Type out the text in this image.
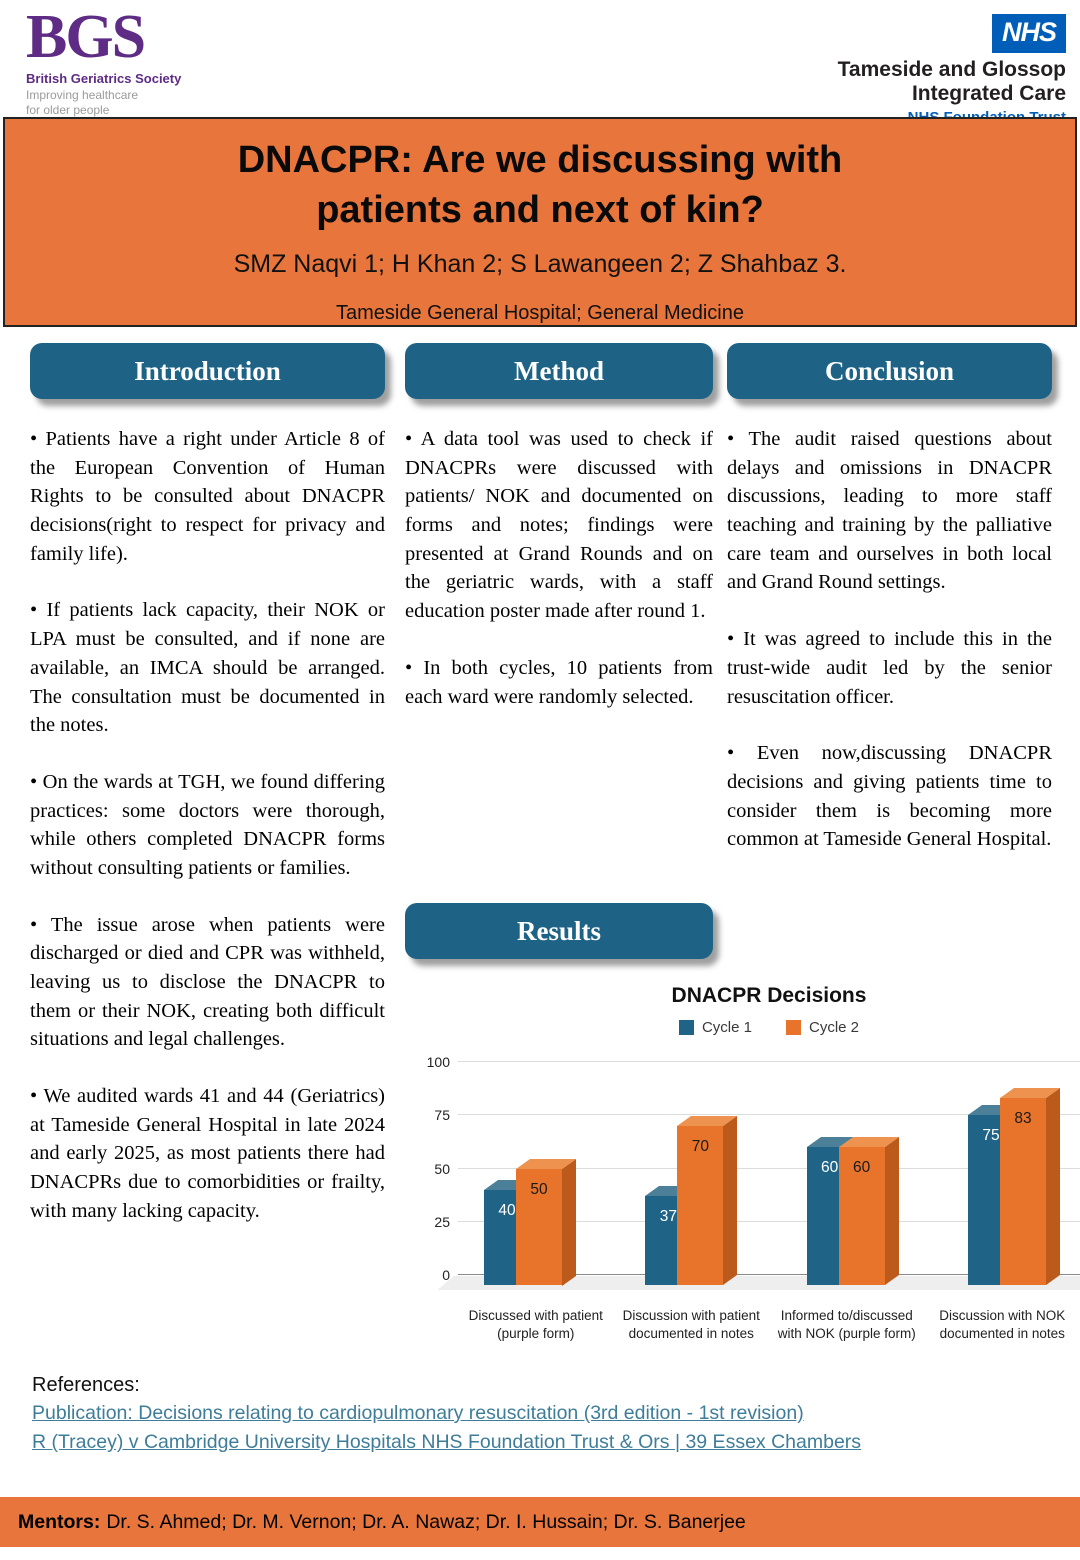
BGS
British Geriatrics Society
Improving healthcare
for older people
NHS
Tameside and Glossop
Integrated Care
DNACPR: Are we discussing with
patients and next of kin?
SMZ Naqvi 1; H Khan 2; S Lawangeen 2; Z Shahbaz 3.
Tameside General Hospital; General Medicine
Introduction

• Patients have a right under Article 8 of the European Convention of Human Rights to be consulted about DNACPR decisions(right to respect for privacy and family life).

• If patients lack capacity, their NOK or LPA must be consulted, and if none are available, an IMCA should be arranged. The consultation must be documented in the notes.

• On the wards at TGH, we found differing practices: some doctors were thorough, while others completed DNACPR forms without consulting patients or families.

• The issue arose when patients were discharged or died and CPR was withheld, leaving us to disclose the DNACPR to them or their NOK, creating both difficult situations and legal challenges.

• We audited wards 41 and 44 (Geriatrics) at Tameside General Hospital in late 2024 and early 2025, as most patients there had DNACPRs due to comorbidities or frailty, with many lacking capacity.

Method

• A data tool was used to check if DNACPRs were discussed with patients/ NOK and documented on forms and notes; findings were presented at Grand Rounds and on the geriatric wards, with a staff education poster made after round 1.

• In both cycles, 10 patients from each ward were randomly selected.

Conclusion

• The audit raised questions about delays and omissions in DNACPR discussions, leading to more staff teaching and training by the palliative care team and ourselves in both local and Grand Round settings.

• It was agreed to include this in the trust-wide audit led by the senior resuscitation officer.

• Even now,discussing DNACPR decisions and giving patients time to consider them is becoming more common at Tameside General Hospital.

Results
DNACPR Decisions
Cycle 1	Cycle 2
40
50
37
70
60 60
75
83
0
25
50
75
100
Discussed with patient (purple form)
Discussion with patient documented in notes
Informed to/discussed with NOK (purple form)
Discussion with NOK documented in notes
References:
Publication: Decisions relating to cardiopulmonary resuscitation (3rd edition - 1st revision)
R (Tracey) v Cambridge University Hospitals NHS Foundation Trust & Ors | 39 Essex Chambers
Mentors: Dr. S. Ahmed; Dr. M. Vernon; Dr. A. Nawaz; Dr. I. Hussain; Dr. S. Banerjee
